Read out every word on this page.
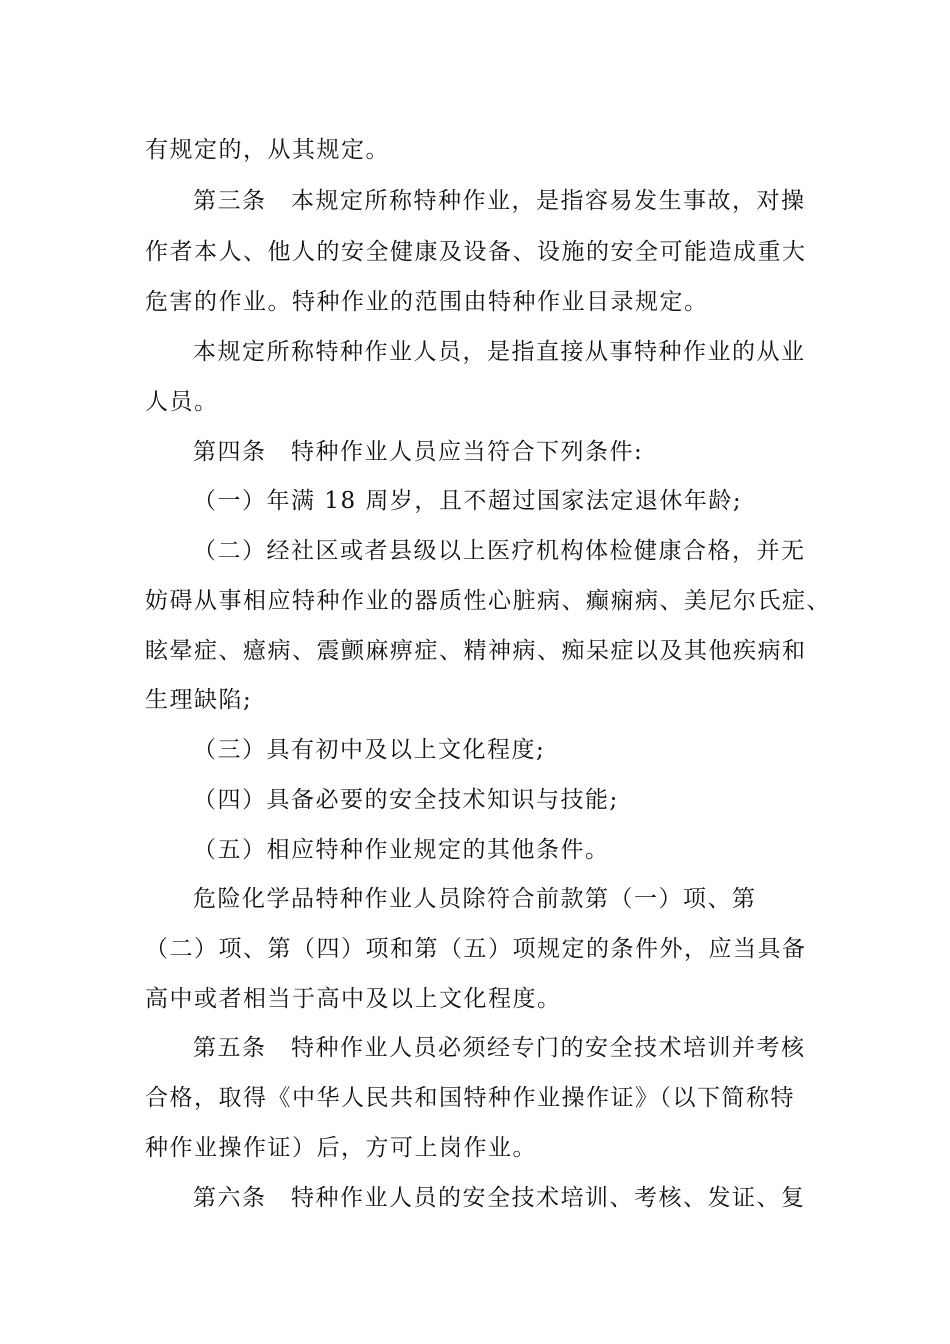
有规定的，从其规定。

第三条　本规定所称特种作业，是指容易发生事故，对操

作者本人、他人的安全健康及设备、设施的安全可能造成重大

危害的作业。特种作业的范围由特种作业目录规定。

本规定所称特种作业人员，是指直接从事特种作业的从业

人员。

第四条　特种作业人员应当符合下列条件:

（一）年满 18 周岁，且不超过国家法定退休年龄;

（二）经社区或者县级以上医疗机构体检健康合格，并无

妨碍从事相应特种作业的器质性心脏病、癫痫病、美尼尔氏症、

眩晕症、癔病、震颤麻痹症、精神病、痴呆症以及其他疾病和

生理缺陷;

（三）具有初中及以上文化程度;

（四）具备必要的安全技术知识与技能;

（五）相应特种作业规定的其他条件。

危险化学品特种作业人员除符合前款第（一）项、第

（二）项、第（四）项和第（五）项规定的条件外，应当具备

高中或者相当于高中及以上文化程度。

第五条　特种作业人员必须经专门的安全技术培训并考核

合格，取得《中华人民共和国特种作业操作证》（以下简称特

种作业操作证）后，方可上岗作业。

第六条　特种作业人员的安全技术培训、考核、发证、复
